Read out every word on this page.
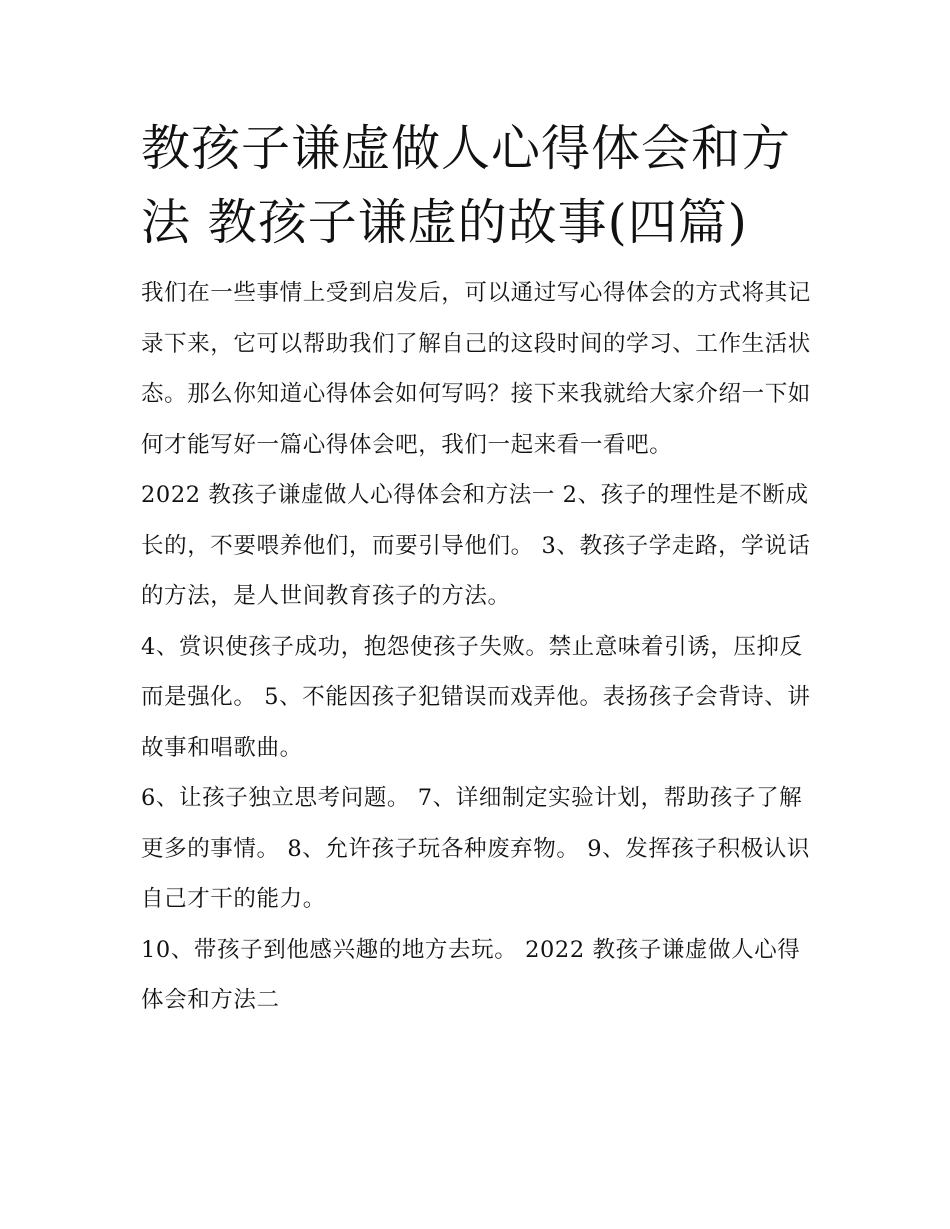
教孩子谦虚做人心得体会和方法 教孩子谦虚的故事(四篇)

我们在一些事情上受到启发后，可以通过写心得体会的方式将其记录下来，它可以帮助我们了解自己的这段时间的学习、工作生活状态。那么你知道心得体会如何写吗？接下来我就给大家介绍一下如何才能写好一篇心得体会吧，我们一起来看一看吧。

2022 教孩子谦虚做人心得体会和方法一 2、孩子的理性是不断成长的，不要喂养他们，而要引导他们。 3、教孩子学走路，学说话的方法，是人世间教育孩子的方法。

4、赏识使孩子成功，抱怨使孩子失败。禁止意味着引诱，压抑反而是强化。 5、不能因孩子犯错误而戏弄他。表扬孩子会背诗、讲故事和唱歌曲。

6、让孩子独立思考问题。 7、详细制定实验计划，帮助孩子了解更多的事情。 8、允许孩子玩各种废弃物。 9、发挥孩子积极认识自己才干的能力。

10、带孩子到他感兴趣的地方去玩。 2022 教孩子谦虚做人心得体会和方法二
